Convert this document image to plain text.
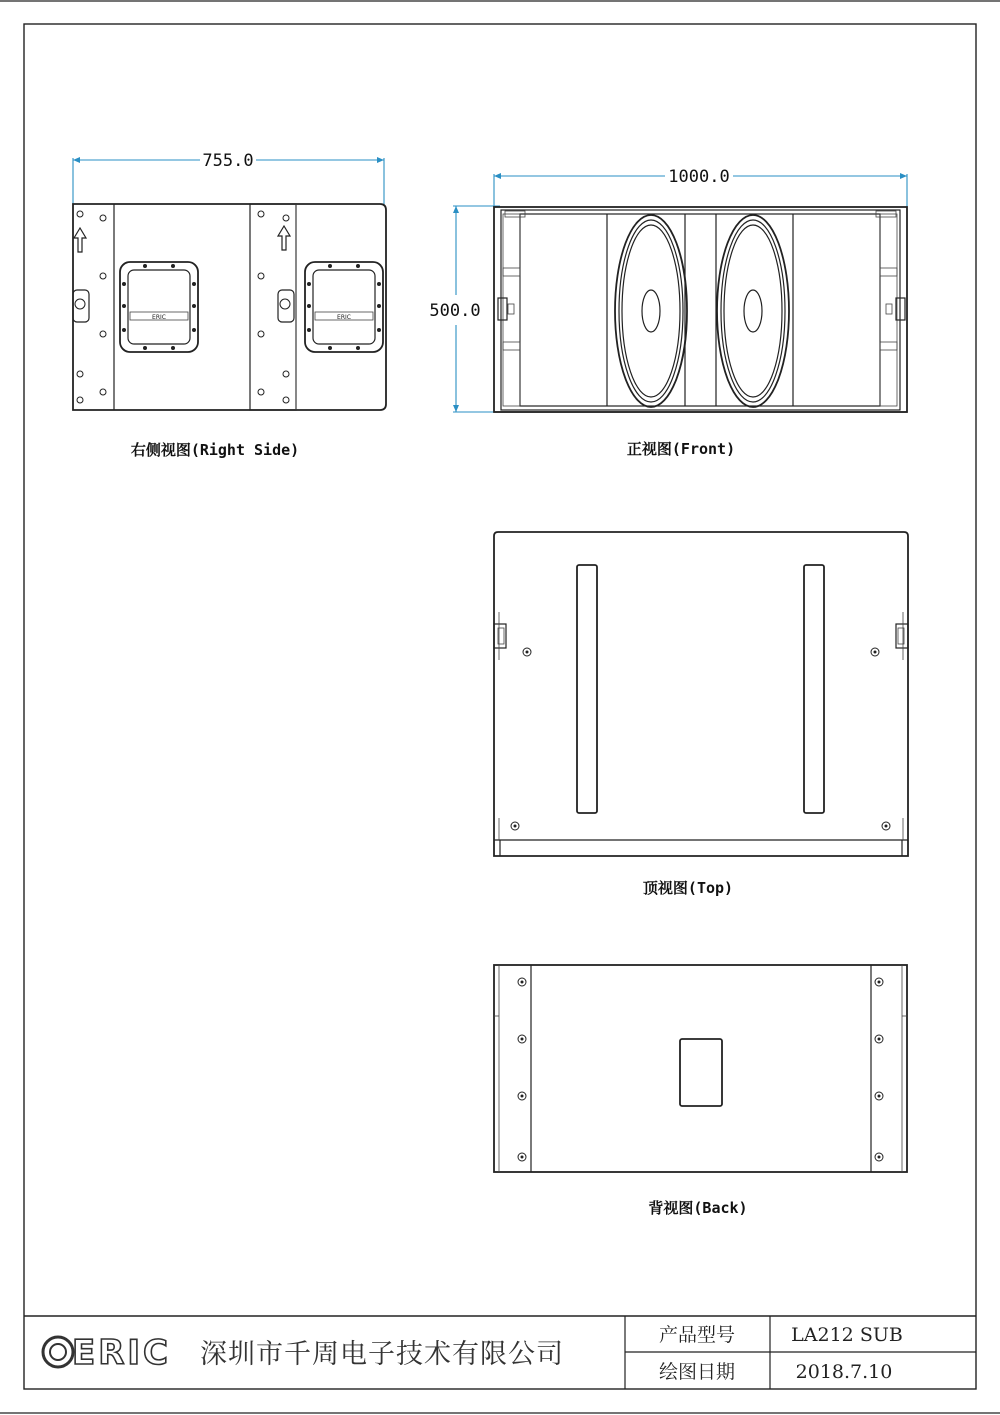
755.0
ERIC	ERIC
右侧视图(Right Side)
1000.0
500.0
正视图(Front)
顶视图(Top)
背视图(Back)
ERIC 深圳市千周电子技术有限公司
产品型号	LA212 SUB
绘图日期	2018.7.10
